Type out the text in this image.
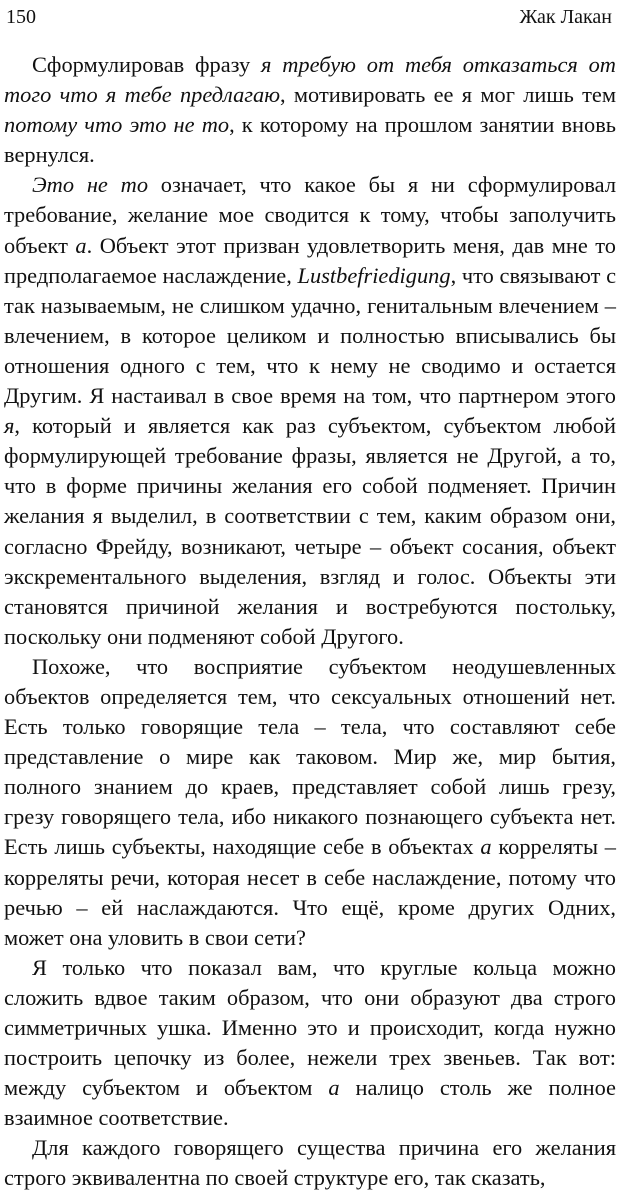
150	Жак Лакан

Сформулировав фразу я требую от тебя отказаться от того что я тебе предлагаю, мотивировать ее я мог лишь тем потому что это не то, к которому на прошлом занятии вновь вернулся.

Это не то означает, что какое бы я ни сформулировал требование, желание мое сводится к тому, чтобы заполучить объект а. Объект этот призван удовлетворить меня, дав мне то предполагаемое наслаждение, Lustbefriedigung, что связывают с так называемым, не слишком удачно, генитальным влечением – влечением, в которое целиком и полностью вписывались бы отношения одного с тем, что к нему не сводимо и остается Другим. Я настаивал в свое время на том, что партнером этого я, который и является как раз субъектом, субъектом любой формулирующей требование фразы, является не Другой, а то, что в форме причины желания его собой подменяет. Причин желания я выделил, в соответствии с тем, каким образом они, согласно Фрейду, возникают, четыре – объект сосания, объект экскрементального выделения, взгляд и голос. Объекты эти становятся причиной желания и востребуются постольку, поскольку они подменяют собой Другого.

Похоже, что восприятие субъектом неодушевленных объектов определяется тем, что сексуальных отношений нет. Есть только говорящие тела – тела, что составляют себе представление о мире как таковом. Мир же, мир бытия, полного знанием до краев, представляет собой лишь грезу, грезу говорящего тела, ибо никакого познающего субъекта нет. Есть лишь субъекты, находящие себе в объектах а корреляты – корреляты речи, которая несет в себе наслаждение, потому что речью – ей наслаждаются. Что ещё, кроме других Одних, может она уловить в свои сети?

Я только что показал вам, что круглые кольца можно сложить вдвое таким образом, что они образуют два строго симметричных ушка. Именно это и происходит, когда нужно построить цепочку из более, нежели трех звеньев. Так вот: между субъектом и объектом а налицо столь же полное взаимное соответствие.

Для каждого говорящего существа причина его желания строго эквивалентна по своей структуре его, так сказать,
